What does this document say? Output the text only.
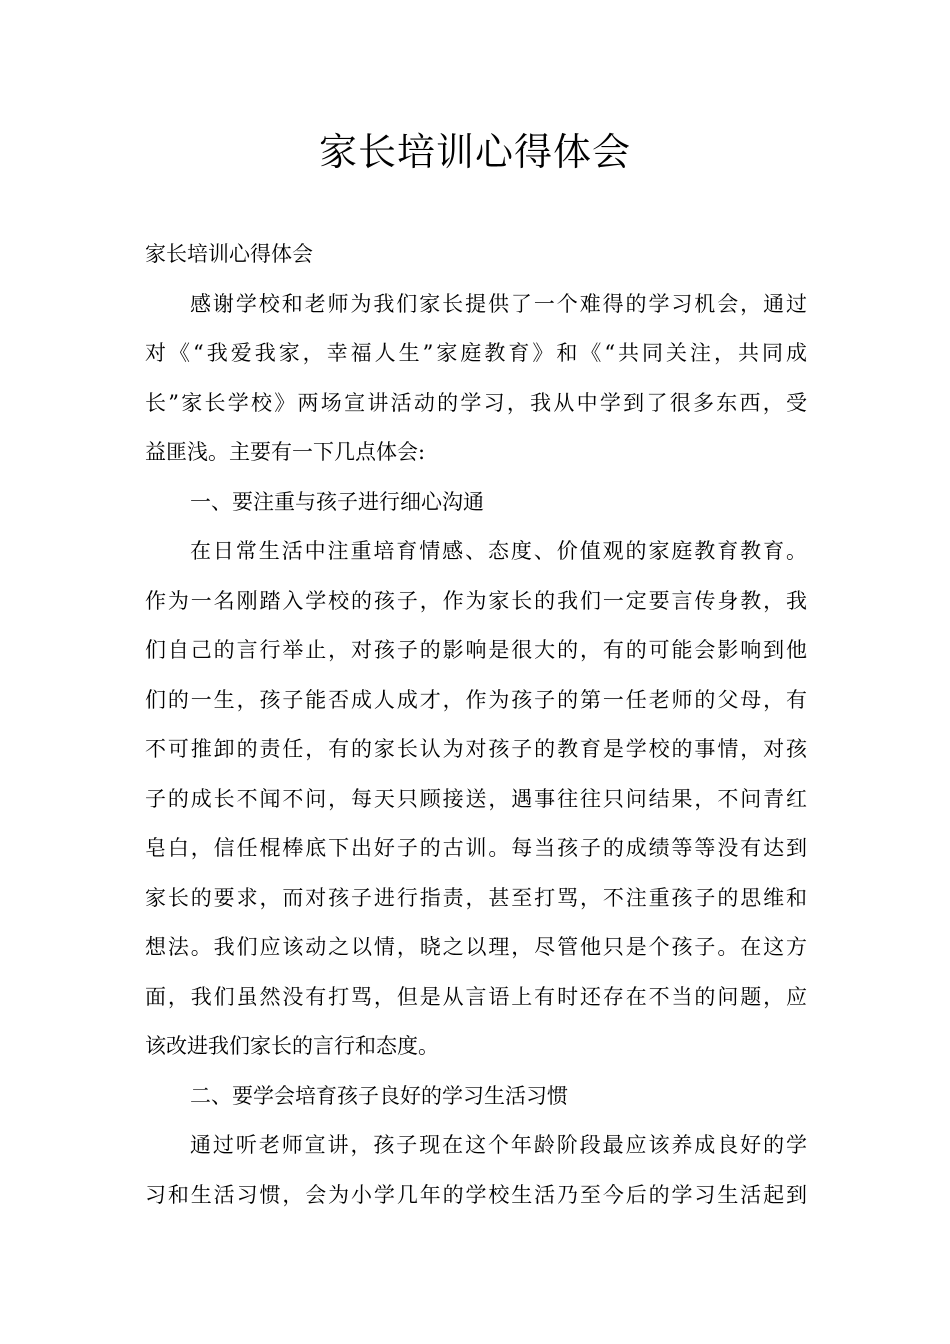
家长培训心得体会
家长培训心得体会
感谢学校和老师为我们家长提供了一个难得的学习机会，通过
对《“我爱我家，幸福人生”家庭教育》和《“共同关注，共同成
长”家长学校》两场宣讲活动的学习，我从中学到了很多东西，受
益匪浅。主要有一下几点体会:
一、要注重与孩子进行细心沟通
在日常生活中注重培育情感、态度、价值观的家庭教育教育。
作为一名刚踏入学校的孩子，作为家长的我们一定要言传身教，我
们自己的言行举止，对孩子的影响是很大的，有的可能会影响到他
们的一生，孩子能否成人成才，作为孩子的第一任老师的父母，有
不可推卸的责任，有的家长认为对孩子的教育是学校的事情，对孩
子的成长不闻不问，每天只顾接送，遇事往往只问结果，不问青红
皂白，信任棍棒底下出好子的古训。每当孩子的成绩等等没有达到
家长的要求，而对孩子进行指责，甚至打骂，不注重孩子的思维和
想法。我们应该动之以情，晓之以理，尽管他只是个孩子。在这方
面，我们虽然没有打骂，但是从言语上有时还存在不当的问题，应
该改进我们家长的言行和态度。
二、要学会培育孩子良好的学习生活习惯
通过听老师宣讲，孩子现在这个年龄阶段最应该养成良好的学
习和生活习惯，会为小学几年的学校生活乃至今后的学习生活起到
